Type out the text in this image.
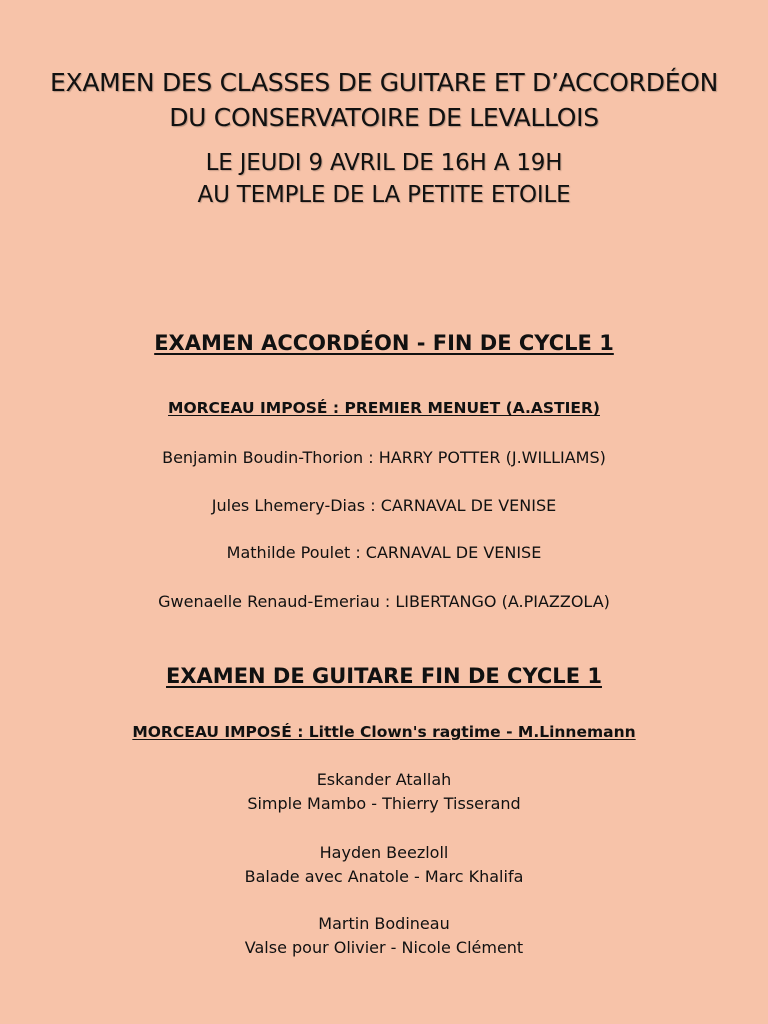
EXAMEN DES CLASSES DE GUITARE ET D’ACCORDÉON
DU CONSERVATOIRE DE LEVALLOIS
LE JEUDI 9 AVRIL DE 16H A 19H
AU TEMPLE DE LA PETITE ETOILE
EXAMEN ACCORDÉON - FIN DE CYCLE 1
MORCEAU IMPOSÉ : PREMIER MENUET (A.ASTIER)
Benjamin Boudin-Thorion : HARRY POTTER (J.WILLIAMS)
Jules Lhemery-Dias : CARNAVAL DE VENISE
Mathilde Poulet : CARNAVAL DE VENISE
Gwenaelle Renaud-Emeriau : LIBERTANGO (A.PIAZZOLA)
EXAMEN DE GUITARE FIN DE CYCLE 1
MORCEAU IMPOSÉ : Little Clown's ragtime - M.Linnemann
Eskander Atallah
Simple Mambo - Thierry Tisserand
Hayden Beezloll
Balade avec Anatole - Marc Khalifa
Martin Bodineau
Valse pour Olivier - Nicole Clément
